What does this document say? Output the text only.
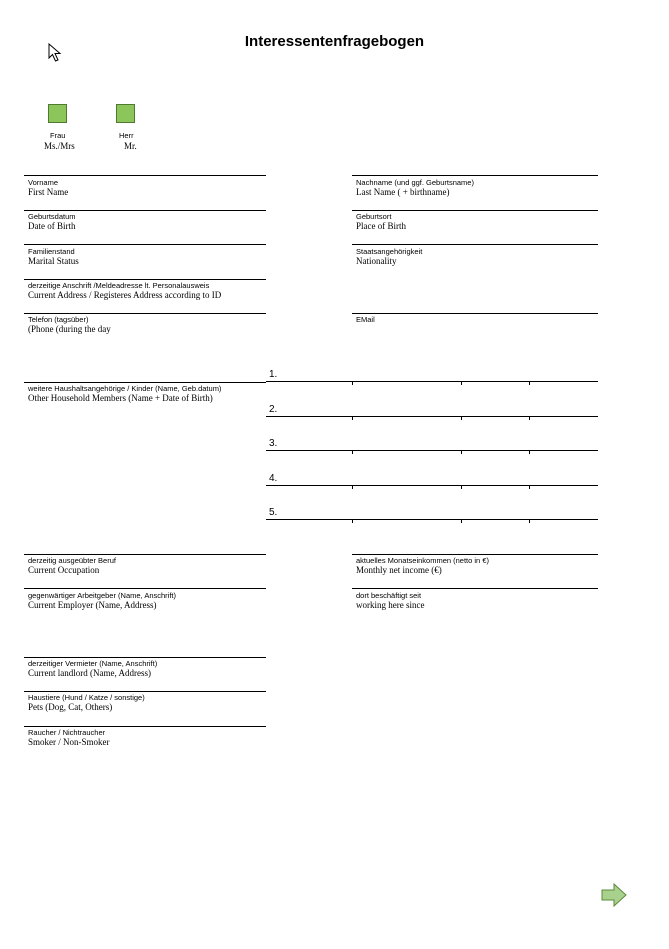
Interessentenfragebogen
Frau
Ms./Mrs
Herr
Mr.
Vorname
First Name
Geburtsdatum
Date of Birth
Familienstand
Marital Status
derzeitige Anschrift /Meldeadresse lt. Personalausweis
Current Address / Registeres Address according to ID
Telefon (tagsüber)
(Phone (during the day
weitere Haushaltsangehörige / Kinder (Name, Geb.datum)
Other Household Members (Name + Date of Birth)
derzeitig ausgeübter Beruf
Current Occupation
gegenwärtiger Arbeitgeber (Name, Anschrift)
Current Employer (Name, Address)
derzeitiger Vermieter (Name, Anschrift)
Current landlord (Name, Address)
Haustiere (Hund / Katze / sonstige)
Pets (Dog, Cat, Others)
Raucher / Nichtraucher
Smoker / Non-Smoker
Nachname (und ggf. Geburtsname)
Last Name ( + birthname)
Geburtsort
Place of Birth
Staatsangehörigkeit
Nationality
EMail
aktuelles Monatseinkommen (netto in €)
Monthly net income (€)
dort beschäftigt seit
working here since
1.
2.
3.
4.
5.
